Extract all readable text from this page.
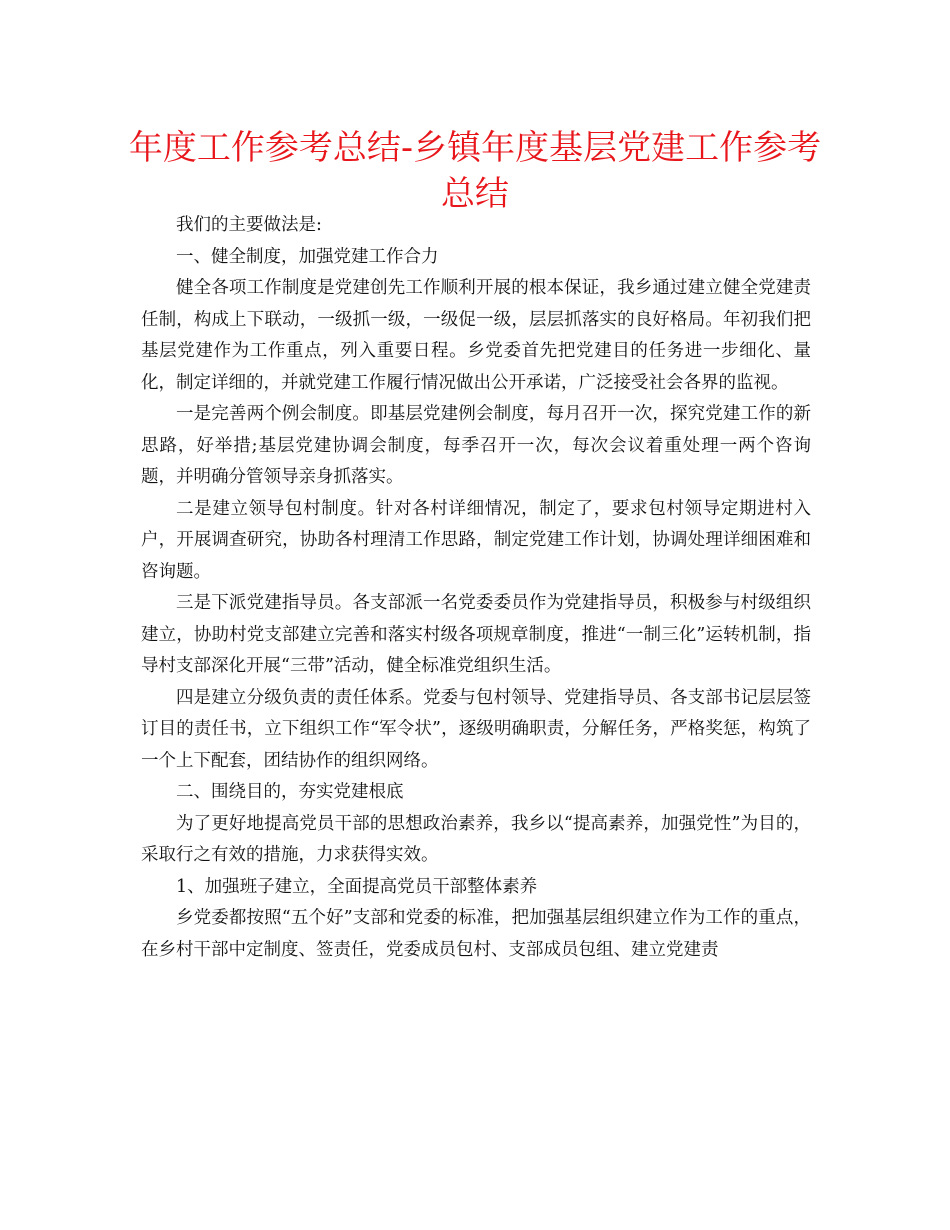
年度工作参考总结-乡镇年度基层党建工作参考总结

我们的主要做法是:

一、健全制度，加强党建工作合力

健全各项工作制度是党建创先工作顺利开展的根本保证，我乡通过建立健全党建责任制，构成上下联动，一级抓一级，一级促一级，层层抓落实的良好格局。年初我们把基层党建作为工作重点，列入重要日程。乡党委首先把党建目的任务进一步细化、量化，制定详细的，并就党建工作履行情况做出公开承诺，广泛接受社会各界的监视。

一是完善两个例会制度。即基层党建例会制度，每月召开一次，探究党建工作的新思路，好举措;基层党建协调会制度，每季召开一次，每次会议着重处理一两个咨询题，并明确分管领导亲身抓落实。

二是建立领导包村制度。针对各村详细情况，制定了，要求包村领导定期进村入户，开展调查研究，协助各村理清工作思路，制定党建工作计划，协调处理详细困难和咨询题。

三是下派党建指导员。各支部派一名党委委员作为党建指导员，积极参与村级组织建立，协助村党支部建立完善和落实村级各项规章制度，推进“一制三化”运转机制，指导村支部深化开展“三带”活动，健全标准党组织生活。

四是建立分级负责的责任体系。党委与包村领导、党建指导员、各支部书记层层签订目的责任书，立下组织工作“军令状”，逐级明确职责，分解任务，严格奖惩，构筑了一个上下配套，团结协作的组织网络。

二、围绕目的，夯实党建根底

为了更好地提高党员干部的思想政治素养，我乡以“提高素养，加强党性”为目的，采取行之有效的措施，力求获得实效。

1、加强班子建立，全面提高党员干部整体素养

乡党委都按照“五个好”支部和党委的标准，把加强基层组织建立作为工作的重点，在乡村干部中定制度、签责任，党委成员包村、支部成员包组、建立党建责
